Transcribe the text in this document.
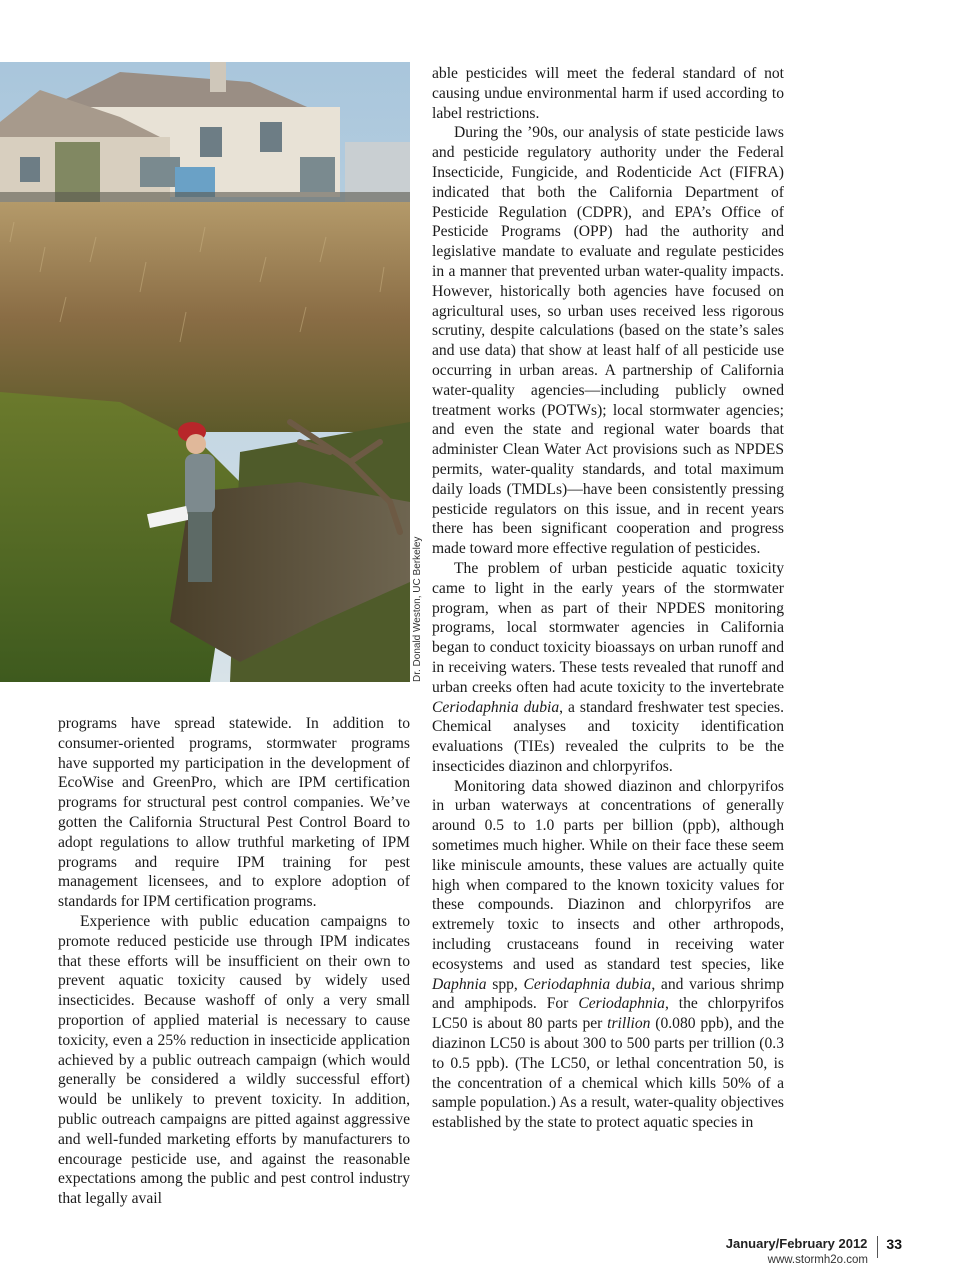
Dr. Donald Weston, UC Berkeley

programs have spread statewide. In addition to consumer-oriented programs, stormwater programs have supported my participation in the development of EcoWise and GreenPro, which are IPM certification programs for structural pest control companies. We’ve gotten the California Structural Pest Control Board to adopt regulations to allow truthful marketing of IPM programs and require IPM training for pest management licensees, and to explore adoption of standards for IPM certification programs.

Experience with public education campaigns to promote reduced pesticide use through IPM indicates that these efforts will be insufficient on their own to prevent aquatic toxicity caused by widely used insecticides. Because washoff of only a very small proportion of applied material is necessary to cause toxicity, even a 25% reduction in insecticide application achieved by a public outreach campaign (which would generally be considered a wildly successful effort) would be unlikely to prevent toxicity. In addition, public outreach campaigns are pitted against aggressive and well-funded marketing efforts by manufacturers to encourage pesticide use, and against the reasonable expectations among the public and pest control industry that legally avail

able pesticides will meet the federal standard of not causing undue environmental harm if used according to label restrictions.

During the ’90s, our analysis of state pesticide laws and pesticide regulatory authority under the Federal Insecticide, Fungicide, and Rodenticide Act (FIFRA) indicated that both the California Department of Pesticide Regulation (CDPR), and EPA’s Office of Pesticide Programs (OPP) had the authority and legislative mandate to evaluate and regulate pesticides in a manner that prevented urban water-quality impacts. However, historically both agencies have focused on agricultural uses, so urban uses received less rigorous scrutiny, despite calculations (based on the state’s sales and use data) that show at least half of all pesticide use occurring in urban areas. A partnership of California water-quality agencies—including publicly owned treatment works (POTWs); local stormwater agencies; and even the state and regional water boards that administer Clean Water Act provisions such as NPDES permits, water-quality standards, and total maximum daily loads (TMDLs)—have been consistently pressing pesticide regulators on this issue, and in recent years there has been significant cooperation and progress made toward more effective regulation of pesticides.

The problem of urban pesticide aquatic toxicity came to light in the early years of the stormwater program, when as part of their NPDES monitoring programs, local stormwater agencies in California began to conduct toxicity bioassays on urban runoff and in receiving waters. These tests revealed that runoff and urban creeks often had acute toxicity to the invertebrate Ceriodaphnia dubia, a standard freshwater test species. Chemical analyses and toxicity identification evaluations (TIEs) revealed the culprits to be the insecticides diazinon and chlorpyrifos.

Monitoring data showed diazinon and chlorpyrifos in urban waterways at concentrations of generally around 0.5 to 1.0 parts per billion (ppb), although sometimes much higher. While on their face these seem like miniscule amounts, these values are actually quite high when compared to the known toxicity values for these compounds. Diazinon and chlorpyrifos are extremely toxic to insects and other arthropods, including crustaceans found in receiving water ecosystems and used as standard test species, like Daphnia spp, Ceriodaphnia dubia, and various shrimp and amphipods. For Ceriodaphnia, the chlorpyrifos LC50 is about 80 parts per trillion (0.080 ppb), and the diazinon LC50 is about 300 to 500 parts per trillion (0.3 to 0.5 ppb). (The LC50, or lethal concentration 50, is the concentration of a chemical which kills 50% of a sample population.) As a result, water-quality objectives established by the state to protect aquatic species in

January/February 2012 33
www.stormh2o.com
